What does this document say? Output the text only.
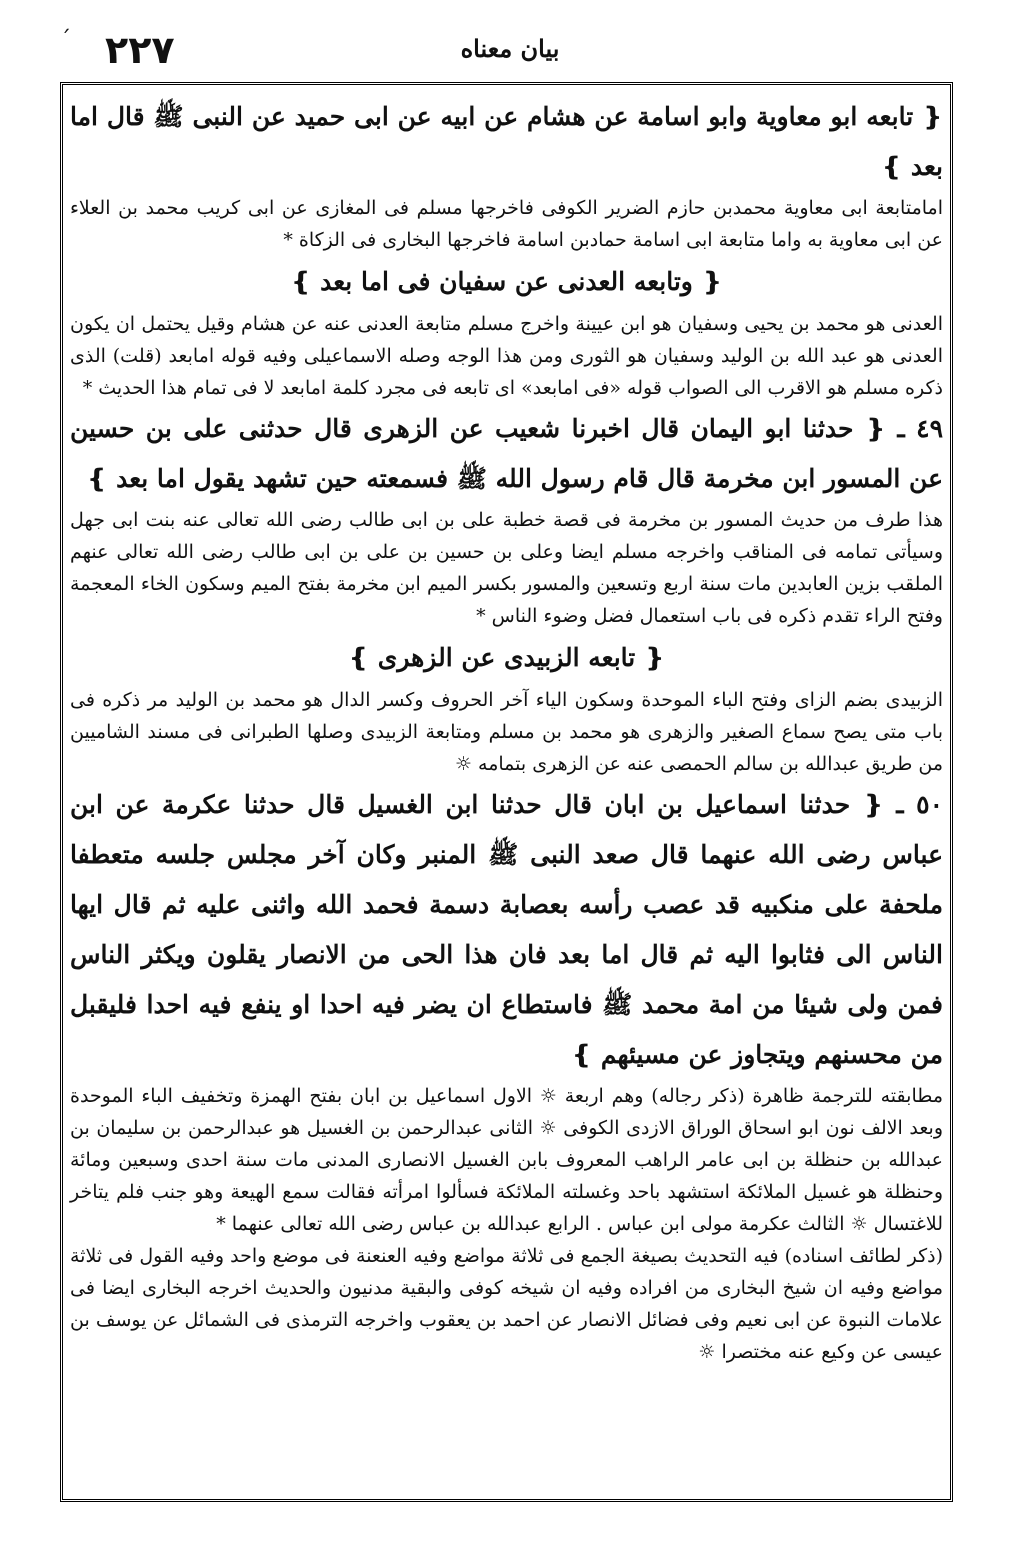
ˊ ٢٢٧	بیان معناه

❴ تابعه ابو معاوية وابو اسامة عن هشام عن ابيه عن ابى حميد عن النبى ﷺ قال اما بعد ❵

امامتابعة ابى معاوية محمدبن حازم الضرير الكوفى فاخرجها مسلم فى المغازى عن ابى كريب محمد بن العلاء عن ابى معاوية به واما متابعة ابى اسامة حمادبن اسامة فاخرجها البخارى فى الزكاة *

❴ وتابعه العدنى عن سفيان فى اما بعد ❵

العدنى هو محمد بن يحيى وسفيان هو ابن عيينة واخرج مسلم متابعة العدنى عنه عن هشام وقيل يحتمل ان يكون العدنى هو عبد الله بن الوليد وسفيان هو الثورى ومن هذا الوجه وصله الاسماعيلى وفيه قوله امابعد (قلت) الذى ذكره مسلم هو الاقرب الى الصواب قوله «فى امابعد» اى تابعه فى مجرد كلمة امابعد لا فى تمام هذا الحديث *

٤٩ ـ ❴ حدثنا ابو اليمان قال اخبرنا شعيب عن الزهرى قال حدثنى على بن حسين عن المسور ابن مخرمة قال قام رسول الله ﷺ فسمعته حين تشهد يقول اما بعد ❵

هذا طرف من حديث المسور بن مخرمة فى قصة خطبة على بن ابى طالب رضى الله تعالى عنه بنت ابى جهل وسيأتى تمامه فى المناقب واخرجه مسلم ايضا وعلى بن حسين بن على بن ابى طالب رضى الله تعالى عنهم الملقب بزين العابدين مات سنة اربع وتسعين والمسور بكسر الميم ابن مخرمة بفتح الميم وسكون الخاء المعجمة وفتح الراء تقدم ذكره فى باب استعمال فضل وضوء الناس *

❴ تابعه الزبيدى عن الزهرى ❵

الزبيدى بضم الزاى وفتح الباء الموحدة وسكون الياء آخر الحروف وكسر الدال هو محمد بن الوليد مر ذكره فى باب متى يصح سماع الصغير والزهرى هو محمد بن مسلم ومتابعة الزبيدى وصلها الطبرانى فى مسند الشاميين من طريق عبدالله بن سالم الحمصى عنه عن الزهرى بتمامه ☼

٥٠ ـ ❴ حدثنا اسماعيل بن ابان قال حدثنا ابن الغسيل قال حدثنا عكرمة عن ابن عباس رضى الله عنهما قال صعد النبى ﷺ المنبر وكان آخر مجلس جلسه متعطفا ملحفة على منكبيه قد عصب رأسه بعصابة دسمة فحمد الله واثنى عليه ثم قال ايها الناس الى فثابوا اليه ثم قال اما بعد فان هذا الحى من الانصار يقلون ويكثر الناس فمن ولى شيئا من امة محمد ﷺ فاستطاع ان يضر فيه احدا او ينفع فيه احدا فليقبل من محسنهم ويتجاوز عن مسيئهم ❵

مطابقته للترجمة ظاهرة (ذكر رجاله) وهم اربعة ☼ الاول اسماعيل بن ابان بفتح الهمزة وتخفيف الباء الموحدة وبعد الالف نون ابو اسحاق الوراق الازدى الكوفى ☼ الثانى عبدالرحمن بن الغسيل هو عبدالرحمن بن سليمان بن عبدالله بن حنظلة بن ابى عامر الراهب المعروف بابن الغسيل الانصارى المدنى مات سنة احدى وسبعين ومائة وحنظلة هو غسيل الملائكة استشهد باحد وغسلته الملائكة فسألوا امرأته فقالت سمع الهيعة وهو جنب فلم يتاخر للاغتسال ☼ الثالث عكرمة مولى ابن عباس . الرابع عبدالله بن عباس رضى الله تعالى عنهما *

(ذكر لطائف اسناده) فيه التحديث بصيغة الجمع فى ثلاثة مواضع وفيه العنعنة فى موضع واحد وفيه القول فى ثلاثة مواضع وفيه ان شيخ البخارى من افراده وفيه ان شيخه كوفى والبقية مدنيون والحديث اخرجه البخارى ايضا فى علامات النبوة عن ابى نعيم وفى فضائل الانصار عن احمد بن يعقوب واخرجه الترمذى فى الشمائل عن يوسف بن عيسى عن وكيع عنه مختصرا ☼
